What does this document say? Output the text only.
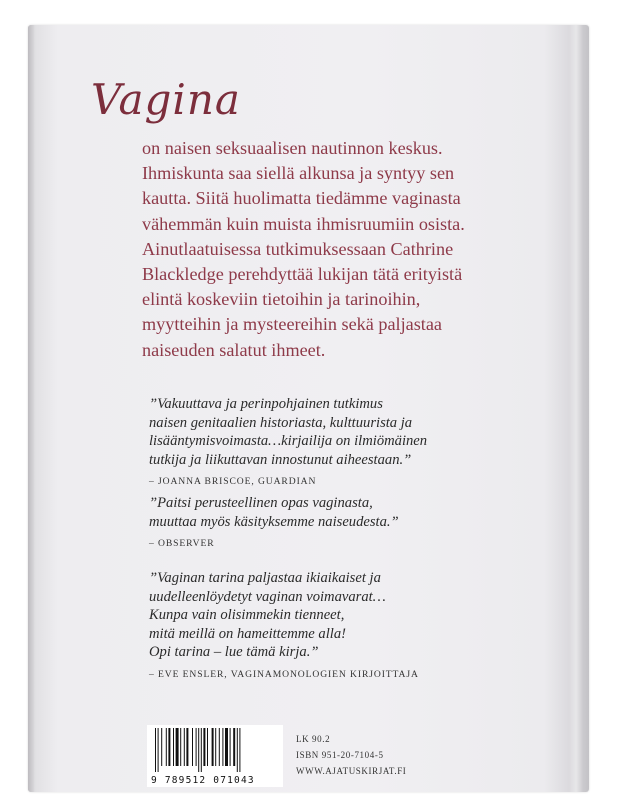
Vagina
on naisen seksuaalisen nautinnon keskus.
Ihmiskunta saa siellä alkunsa ja syntyy sen
kautta. Siitä huolimatta tiedämme vaginasta
vähemmän kuin muista ihmisruumiin osista.
Ainutlaatuisessa tutkimuksessaan Cathrine
Blackledge perehdyttää lukijan tätä erityistä
elintä koskeviin tietoihin ja tarinoihin,
myytteihin ja mysteereihin sekä paljastaa
naiseuden salatut ihmeet.
”Vakuuttava ja perinpohjainen tutkimus
naisen genitaalien historiasta, kulttuurista ja
lisääntymisvoimasta…kirjailija on ilmiömäinen
tutkija ja liikuttavan innostunut aiheestaan.”
– JOANNA BRISCOE, GUARDIAN
”Paitsi perusteellinen opas vaginasta,
muuttaa myös käsityksemme naiseudesta.”
– OBSERVER
”Vaginan tarina paljastaa ikiaikaiset ja
uudelleenlöydetyt vaginan voimavarat…
Kunpa vain olisimmekin tienneet,
mitä meillä on hameittemme alla!
Opi tarina – lue tämä kirja.”
– EVE ENSLER, VAGINAMONOLOGIEN KIRJOITTAJA
9 789512 071043
LK 90.2
ISBN 951-20-7104-5
WWW.AJATUSKIRJAT.FI
